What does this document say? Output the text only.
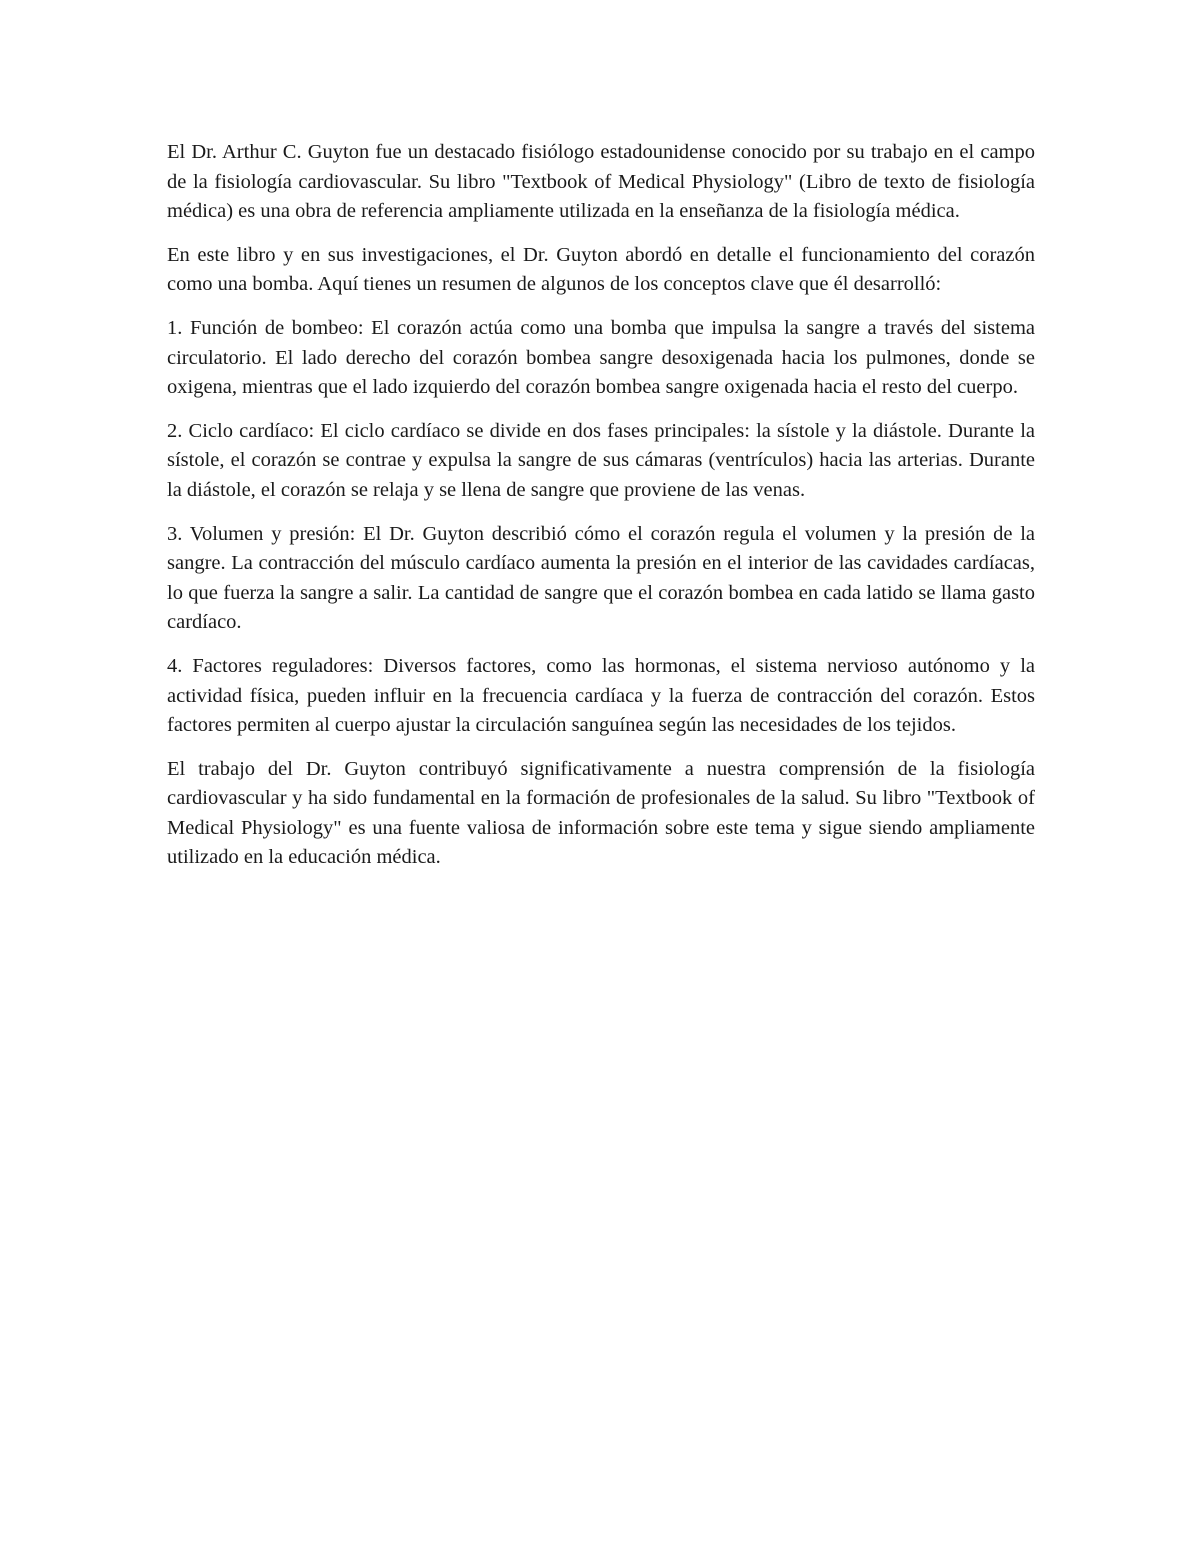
El Dr. Arthur C. Guyton fue un destacado fisiólogo estadounidense conocido por su trabajo en el campo de la fisiología cardiovascular. Su libro "Textbook of Medical Physiology" (Libro de texto de fisiología médica) es una obra de referencia ampliamente utilizada en la enseñanza de la fisiología médica.

En este libro y en sus investigaciones, el Dr. Guyton abordó en detalle el funcionamiento del corazón como una bomba. Aquí tienes un resumen de algunos de los conceptos clave que él desarrolló:

1. Función de bombeo: El corazón actúa como una bomba que impulsa la sangre a través del sistema circulatorio. El lado derecho del corazón bombea sangre desoxigenada hacia los pulmones, donde se oxigena, mientras que el lado izquierdo del corazón bombea sangre oxigenada hacia el resto del cuerpo.

2. Ciclo cardíaco: El ciclo cardíaco se divide en dos fases principales: la sístole y la diástole. Durante la sístole, el corazón se contrae y expulsa la sangre de sus cámaras (ventrículos) hacia las arterias. Durante la diástole, el corazón se relaja y se llena de sangre que proviene de las venas.

3. Volumen y presión: El Dr. Guyton describió cómo el corazón regula el volumen y la presión de la sangre. La contracción del músculo cardíaco aumenta la presión en el interior de las cavidades cardíacas, lo que fuerza la sangre a salir. La cantidad de sangre que el corazón bombea en cada latido se llama gasto cardíaco.

4. Factores reguladores: Diversos factores, como las hormonas, el sistema nervioso autónomo y la actividad física, pueden influir en la frecuencia cardíaca y la fuerza de contracción del corazón. Estos factores permiten al cuerpo ajustar la circulación sanguínea según las necesidades de los tejidos.

El trabajo del Dr. Guyton contribuyó significativamente a nuestra comprensión de la fisiología cardiovascular y ha sido fundamental en la formación de profesionales de la salud. Su libro "Textbook of Medical Physiology" es una fuente valiosa de información sobre este tema y sigue siendo ampliamente utilizado en la educación médica.
